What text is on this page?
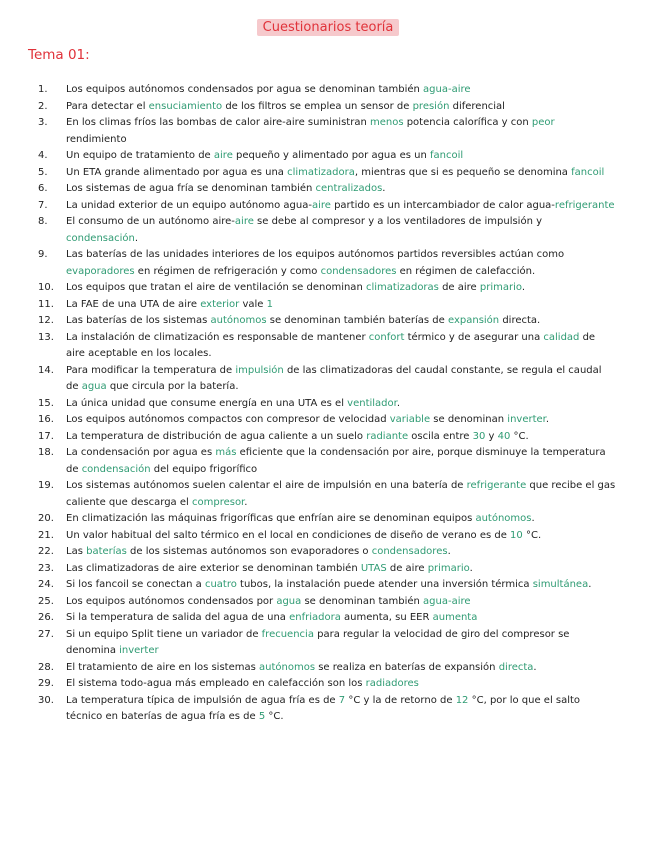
Cuestionarios teoría
Tema 01:
1.	Los equipos autónomos condensados por agua se denominan también agua-aire
2.	Para detectar el ensuciamiento de los filtros se emplea un sensor de presión diferencial
3.	En los climas fríos las bombas de calor aire-aire suministran menos potencia calorífica y con peor rendimiento
4.	Un equipo de tratamiento de aire pequeño y alimentado por agua es un fancoil
5.	Un ETA grande alimentado por agua es una climatizadora, mientras que si es pequeño se denomina fancoil
6.	Los sistemas de agua fría se denominan también centralizados.
7.	La unidad exterior de un equipo autónomo agua-aire partido es un intercambiador de calor agua-refrigerante
8.	El consumo de un autónomo aire-aire se debe al compresor y a los ventiladores de impulsión y condensación.
9.	Las baterías de las unidades interiores de los equipos autónomos partidos reversibles actúan como evaporadores en régimen de refrigeración y como condensadores en régimen de calefacción.
10.	Los equipos que tratan el aire de ventilación se denominan climatizadoras de aire primario.
11.	La FAE de una UTA de aire exterior vale 1
12.	Las baterías de los sistemas autónomos se denominan también baterías de expansión directa.
13.	La instalación de climatización es responsable de mantener confort térmico y de asegurar una calidad de aire aceptable en los locales.
14.	Para modificar la temperatura de impulsión de las climatizadoras del caudal constante, se regula el caudal de agua que circula por la batería.
15.	La única unidad que consume energía en una UTA es el ventilador.
16.	Los equipos autónomos compactos con compresor de velocidad variable se denominan inverter.
17.	La temperatura de distribución de agua caliente a un suelo radiante oscila entre 30 y 40 °C.
18.	La condensación por agua es más eficiente que la condensación por aire, porque disminuye la temperatura de condensación del equipo frigorífico
19.	Los sistemas autónomos suelen calentar el aire de impulsión en una batería de refrigerante que recibe el gas caliente que descarga el compresor.
20.	En climatización las máquinas frigoríficas que enfrían aire se denominan equipos autónomos.
21.	Un valor habitual del salto térmico en el local en condiciones de diseño de verano es de 10 °C.
22.	Las baterías de los sistemas autónomos son evaporadores o condensadores.
23.	Las climatizadoras de aire exterior se denominan también UTAS de aire primario.
24.	Si los fancoil se conectan a cuatro tubos, la instalación puede atender una inversión térmica simultánea.
25.	Los equipos autónomos condensados por agua se denominan también agua-aire
26.	Si la temperatura de salida del agua de una enfriadora aumenta, su EER aumenta
27.	Si un equipo Split tiene un variador de frecuencia para regular la velocidad de giro del compresor se denomina inverter
28.	El tratamiento de aire en los sistemas autónomos se realiza en baterías de expansión directa.
29.	El sistema todo-agua más empleado en calefacción son los radiadores
30.	La temperatura típica de impulsión de agua fría es de 7 °C y la de retorno de 12 °C, por lo que el salto técnico en baterías de agua fría es de 5 °C.
